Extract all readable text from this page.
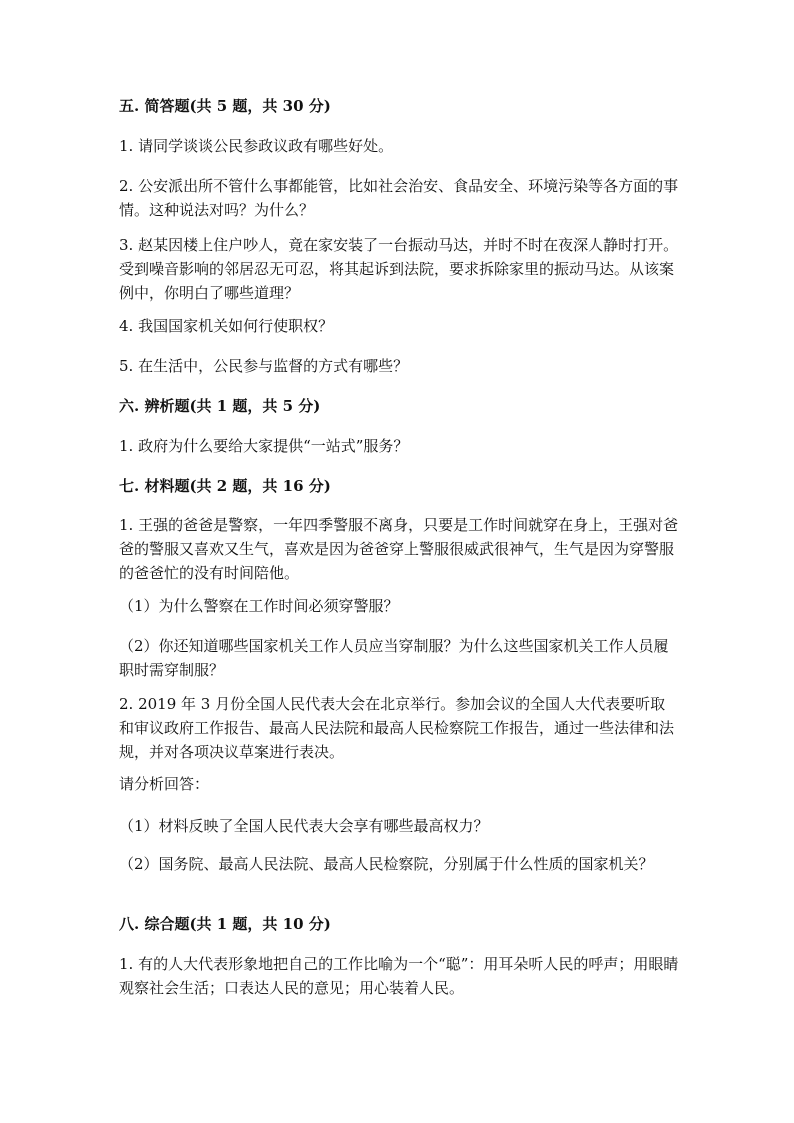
五. 简答题(共 5 题，共 30 分)

1. 请同学谈谈公民参政议政有哪些好处。

2. 公安派出所不管什么事都能管，比如社会治安、食品安全、环境污染等各方面的事情。这种说法对吗？为什么？

3. 赵某因楼上住户吵人，竟在家安装了一台振动马达，并时不时在夜深人静时打开。受到噪音影响的邻居忍无可忍，将其起诉到法院，要求拆除家里的振动马达。从该案例中，你明白了哪些道理？

4. 我国国家机关如何行使职权？

5. 在生活中，公民参与监督的方式有哪些？

六. 辨析题(共 1 题，共 5 分)

1. 政府为什么要给大家提供“一站式”服务？

七. 材料题(共 2 题，共 16 分)

1. 王强的爸爸是警察，一年四季警服不离身，只要是工作时间就穿在身上，王强对爸爸的警服又喜欢又生气，喜欢是因为爸爸穿上警服很威武很神气，生气是因为穿警服的爸爸忙的没有时间陪他。

（1）为什么警察在工作时间必须穿警服？

（2）你还知道哪些国家机关工作人员应当穿制服？为什么这些国家机关工作人员履职时需穿制服？

2. 2019 年 3 月份全国人民代表大会在北京举行。参加会议的全国人大代表要听取和审议政府工作报告、最高人民法院和最高人民检察院工作报告，通过一些法律和法规，并对各项决议草案进行表决。

请分析回答：

（1）材料反映了全国人民代表大会享有哪些最高权力？

（2）国务院、最高人民法院、最高人民检察院，分别属于什么性质的国家机关？

八. 综合题(共 1 题，共 10 分)

1. 有的人大代表形象地把自己的工作比喻为一个“聪”：用耳朵听人民的呼声；用眼睛观察社会生活；口表达人民的意见；用心装着人民。
